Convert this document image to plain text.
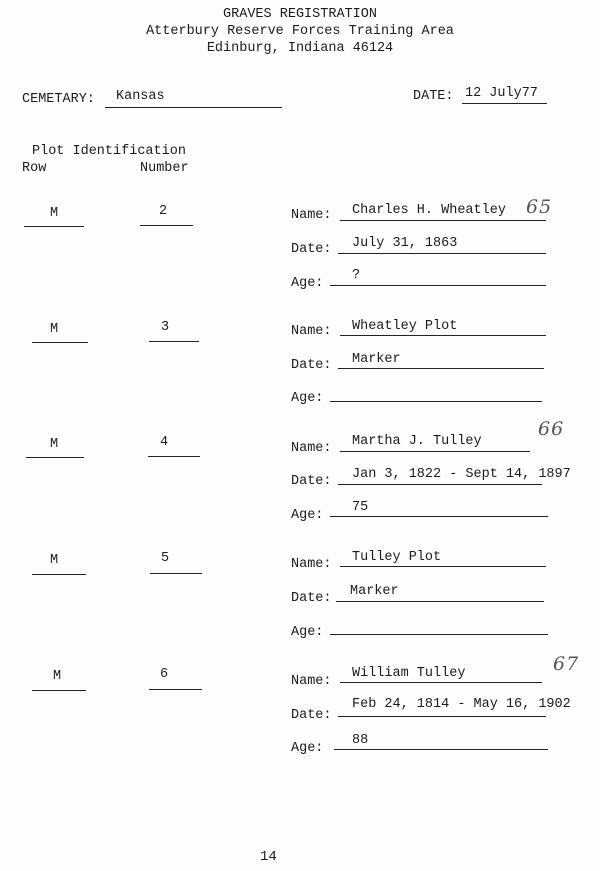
GRAVES REGISTRATION
Atterbury Reserve Forces Training Area
Edinburg, Indiana 46124
CEMETARY: Kansas	DATE: 12 July77
Plot Identification
Row	Number
M	2	Name: Charles H. Wheatley 65
Date: July 31, 1863
Age:
?
M	3	Name: Wheatley Plot
Date: Marker
Age:
M	4	Name: Martha J. Tulley
66
Date: Jan 3, 1822 - Sept 14, 1897
Age:
75
M	5	Name: Tulley Plot
Date: Marker
Age:
M	6	Name:
William Tulley	67
Date:
Feb 24, 1814 - May 16, 1902
Age:
88
14
